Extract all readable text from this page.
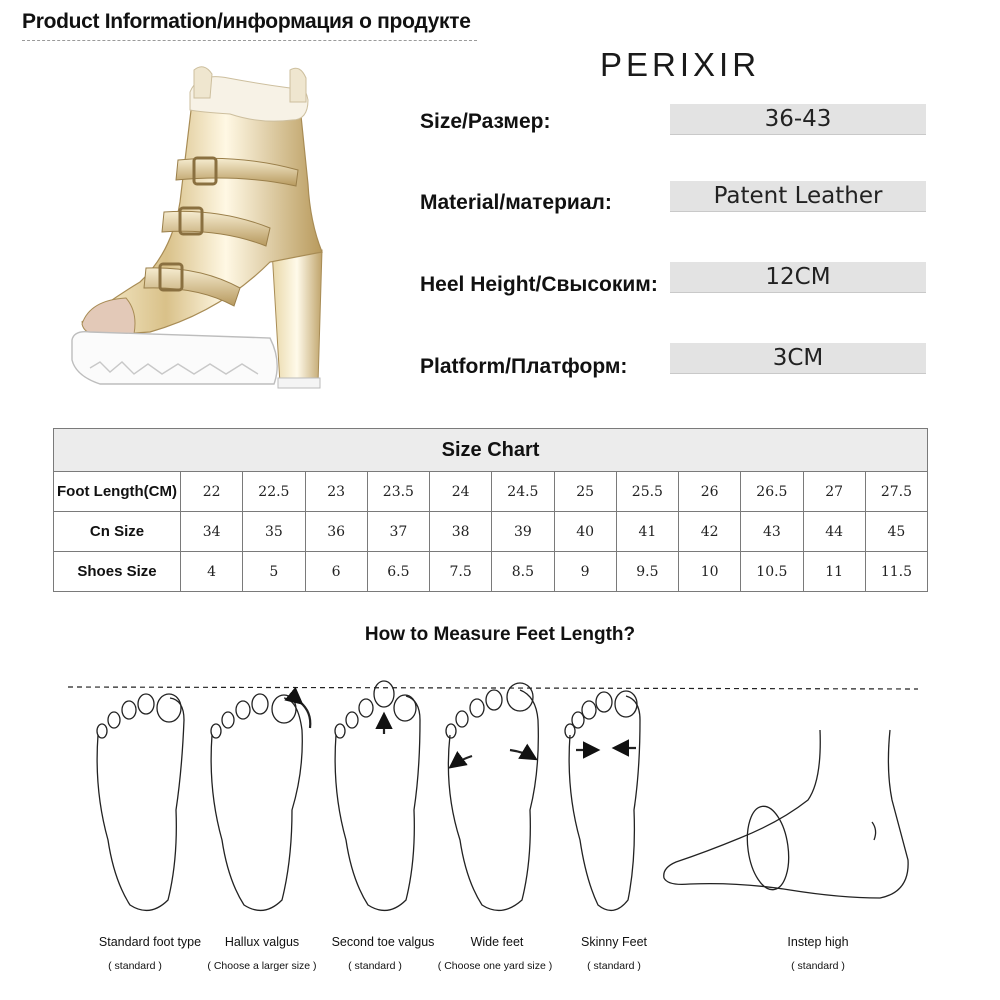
Product Information/информация о продукте
PERIXIR
Size/Размер:	36-43
Material/материал:	Patent Leather
Heel Height/Свысоким:	12CM
Platform/Платформ:	3CM
Size Chart												
Foot Length(CM)	22	22.5	23	23.5	24	24.5	25	25.5	26	26.5	27	27.5
Cn Size	34	35	36	37	38	39	40	41	42	43	44	45
Shoes Size	4	5	6	6.5	7.5	8.5	9	9.5	10	10.5	11	11.5
How to Measure Feet Length?
Standard foot type
( standard )
Hallux valgus
( Choose a larger size )
Second toe valgus
( standard )
Wide feet
( Choose one yard size )
Skinny Feet
( standard )
Instep high
( standard )
